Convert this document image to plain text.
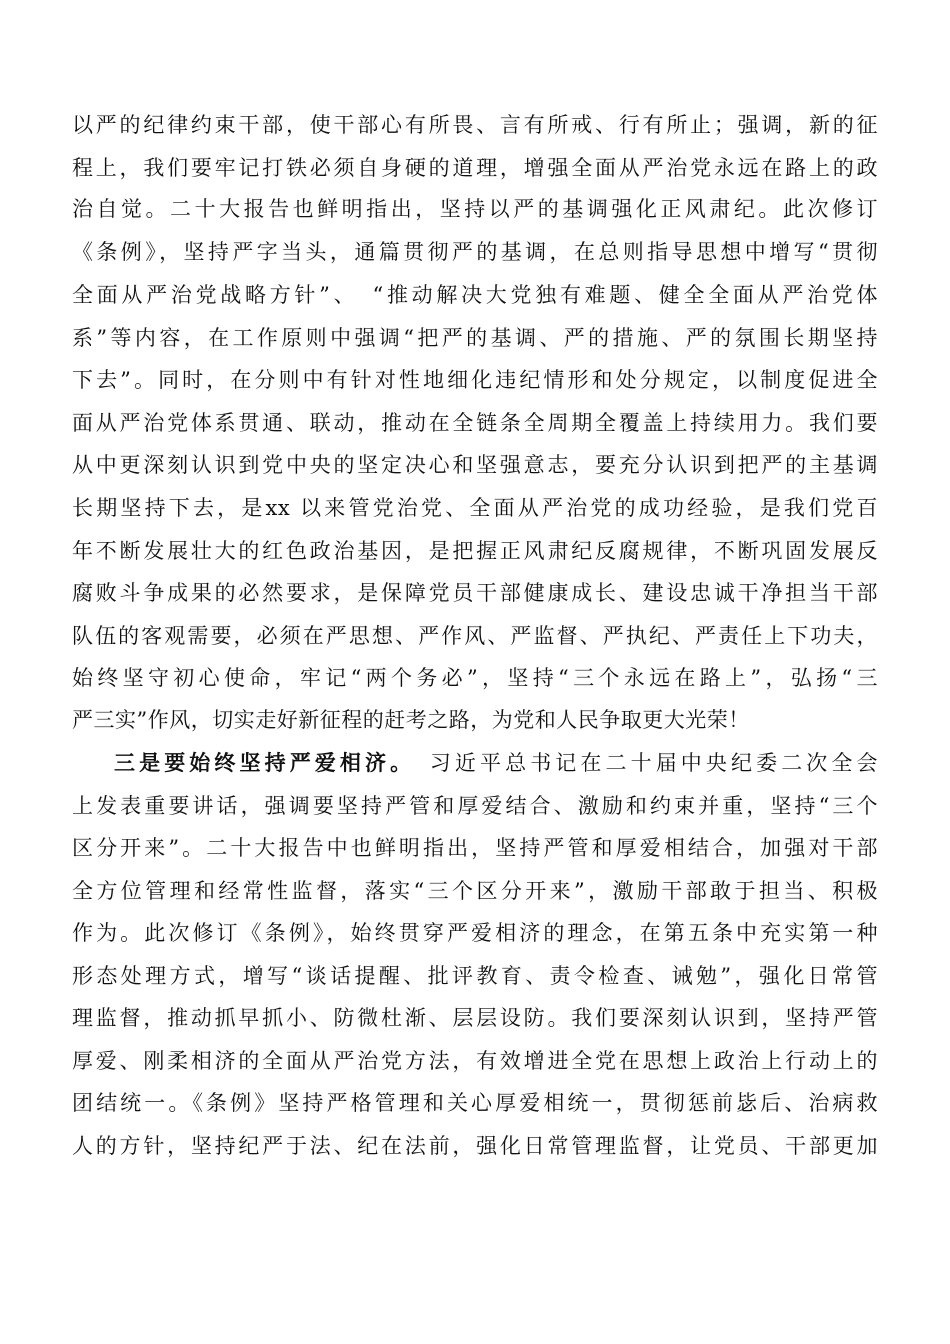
以严的纪律约束干部，使干部心有所畏、言有所戒、行有所止；强调，新的征
程上，我们要牢记打铁必须自身硬的道理，增强全面从严治党永远在路上的政
治自觉。二十大报告也鲜明指出，坚持以严的基调强化正风肃纪。此次修订
《条例》，坚持严字当头，通篇贯彻严的基调，在总则指导思想中增写“贯彻
全面从严治党战略方针”、　“推动解决大党独有难题、健全全面从严治党体
系”等内容，在工作原则中强调“把严的基调、严的措施、严的氛围长期坚持
下去”。同时，在分则中有针对性地细化违纪情形和处分规定，以制度促进全
面从严治党体系贯通、联动，推动在全链条全周期全覆盖上持续用力。我们要
从中更深刻认识到党中央的坚定决心和坚强意志，要充分认识到把严的主基调
长期坚持下去，是xx 以来管党治党、全面从严治党的成功经验，是我们党百
年不断发展壮大的红色政治基因，是把握正风肃纪反腐规律，不断巩固发展反
腐败斗争成果的必然要求，是保障党员干部健康成长、建设忠诚干净担当干部
队伍的客观需要，必须在严思想、严作风、严监督、严执纪、严责任上下功夫，
始终坚守初心使命，牢记“两个务必”，坚持“三个永远在路上”，弘扬“三
严三实”作风，切实走好新征程的赶考之路，为党和人民争取更大光荣！
三是要始终坚持严爱相济。　习近平总书记在二十届中央纪委二次全会
上发表重要讲话，强调要坚持严管和厚爱结合、激励和约束并重，坚持“三个
区分开来”。二十大报告中也鲜明指出，坚持严管和厚爱相结合，加强对干部
全方位管理和经常性监督，落实“三个区分开来”，激励干部敢于担当、积极
作为。此次修订《条例》，始终贯穿严爱相济的理念，在第五条中充实第一种
形态处理方式，增写“谈话提醒、批评教育、责令检查、诫勉”，强化日常管
理监督，推动抓早抓小、防微杜渐、层层设防。我们要深刻认识到，坚持严管
厚爱、刚柔相济的全面从严治党方法，有效增进全党在思想上政治上行动上的
团结统一。《条例》坚持严格管理和关心厚爱相统一，贯彻惩前毖后、治病救
人的方针，坚持纪严于法、纪在法前，强化日常管理监督，让党员、干部更加
